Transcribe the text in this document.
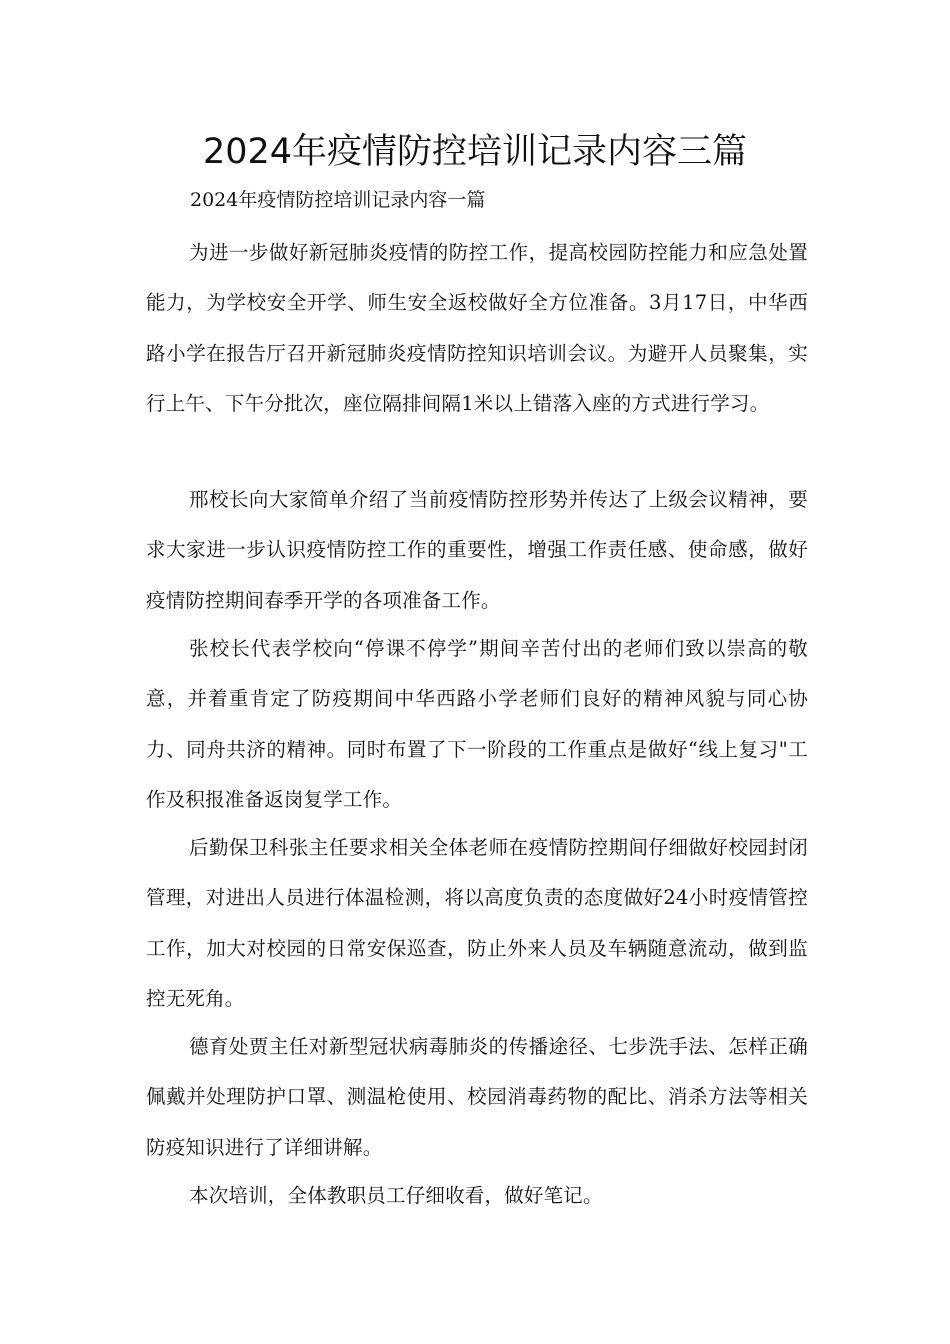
2024年疫情防控培训记录内容三篇

2024年疫情防控培训记录内容一篇

为进一步做好新冠肺炎疫情的防控工作，提高校园防控能力和应急处置能力，为学校安全开学、师生安全返校做好全方位准备。3月17日，中华西路小学在报告厅召开新冠肺炎疫情防控知识培训会议。为避开人员聚集，实行上午、下午分批次，座位隔排间隔1米以上错落入座的方式进行学习。

邢校长向大家简单介绍了当前疫情防控形势并传达了上级会议精神，要求大家进一步认识疫情防控工作的重要性，增强工作责任感、使命感，做好疫情防控期间春季开学的各项准备工作。

张校长代表学校向“停课不停学”期间辛苦付出的老师们致以崇高的敬意，并着重肯定了防疫期间中华西路小学老师们良好的精神风貌与同心协力、同舟共济的精神。同时布置了下一阶段的工作重点是做好“线上复习"工作及积报准备返岗复学工作。

后勤保卫科张主任要求相关全体老师在疫情防控期间仔细做好校园封闭管理，对进出人员进行体温检测，将以高度负责的态度做好24小时疫情管控工作，加大对校园的日常安保巡查，防止外来人员及车辆随意流动，做到监控无死角。

德育处贾主任对新型冠状病毒肺炎的传播途径、七步洗手法、怎样正确佩戴并处理防护口罩、测温枪使用、校园消毒药物的配比、消杀方法等相关防疫知识进行了详细讲解。

本次培训，全体教职员工仔细收看，做好笔记。
